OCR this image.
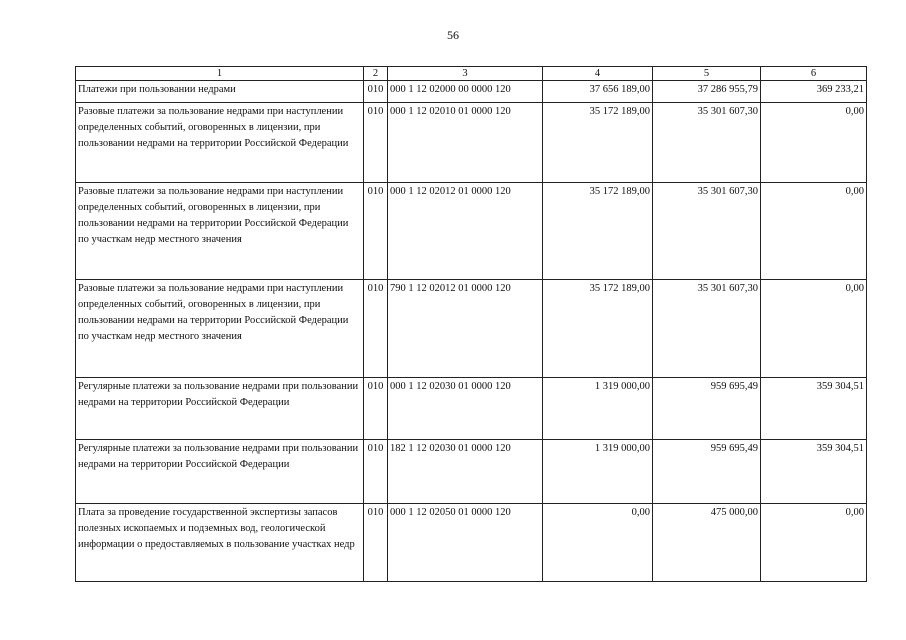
56
1	2	3	4	5	6
Платежи при пользовании недрами	010	000 1 12 02000 00 0000 120	37 656 189,00	37 286 955,79	369 233,21
Разовые платежи за пользование недрами при наступлении определенных событий, оговоренных в лицензии, при пользовании недрами на территории Российской Федерации	010	000 1 12 02010 01 0000 120	35 172 189,00	35 301 607,30	0,00
Разовые платежи за пользование недрами при наступлении определенных событий, оговоренных в лицензии, при пользовании недрами на территории Российской Федерации по участкам недр местного значения	010	000 1 12 02012 01 0000 120	35 172 189,00	35 301 607,30	0,00
Разовые платежи за пользование недрами при наступлении определенных событий, оговоренных в лицензии, при пользовании недрами на территории Российской Федерации по участкам недр местного значения	010	790 1 12 02012 01 0000 120	35 172 189,00	35 301 607,30	0,00
Регулярные платежи за пользование недрами при пользовании недрами на территории Российской Федерации	010	000 1 12 02030 01 0000 120	1 319 000,00	959 695,49	359 304,51
Регулярные платежи за пользование недрами при пользовании недрами на территории Российской Федерации	010	182 1 12 02030 01 0000 120	1 319 000,00	959 695,49	359 304,51
Плата за проведение государственной экспертизы запасов полезных ископаемых и подземных вод, геологической информации о предоставляемых в пользование участках недр	010	000 1 12 02050 01 0000 120	0,00	475 000,00	0,00
